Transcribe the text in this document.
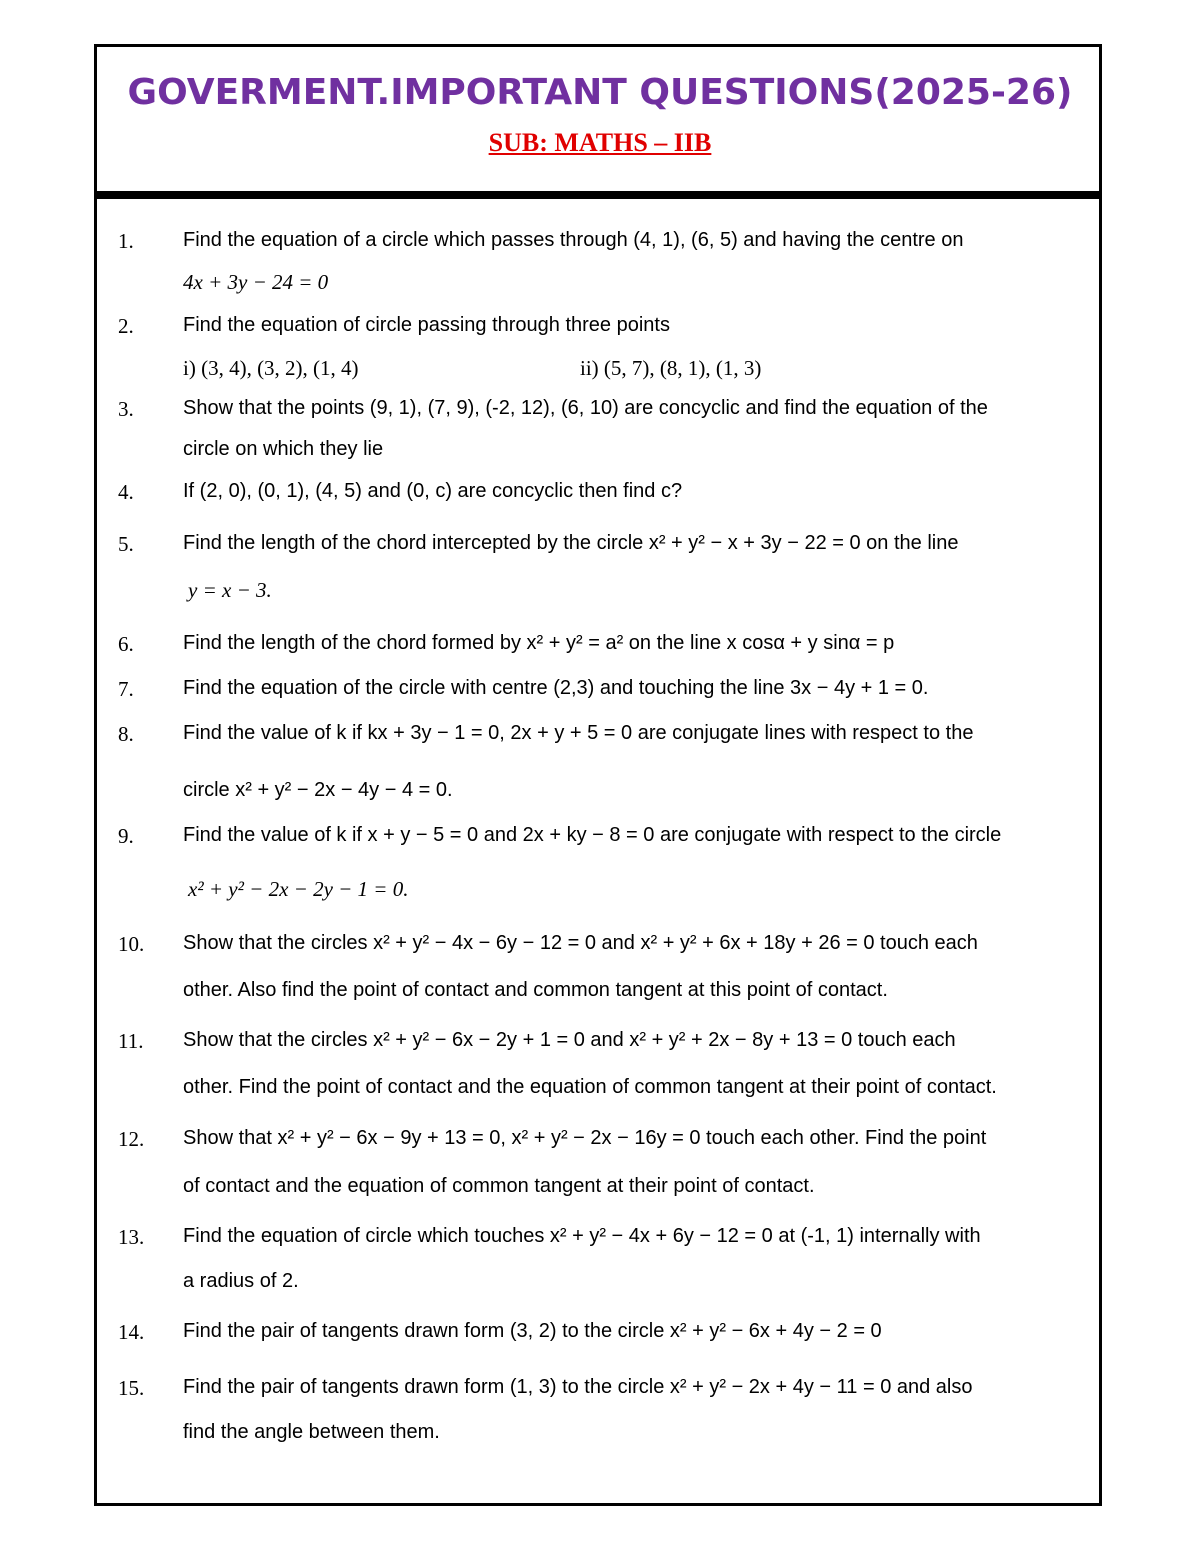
GOVERMENT.IMPORTANT QUESTIONS(2025-26)
SUB: MATHS – IIB
1. Find the equation of a circle which passes through (4, 1), (6, 5) and having the centre on
4x + 3y − 24 = 0
2. Find the equation of circle passing through three points
i) (3, 4), (3, 2), (1, 4)	ii) (5, 7), (8, 1), (1, 3)
3. Show that the points (9, 1), (7, 9), (-2, 12), (6, 10) are concyclic and find the equation of the
circle on which they lie
4. If (2, 0), (0, 1), (4, 5) and (0, c) are concyclic then find c?
5. Find the length of the chord intercepted by the circle x² + y² − x + 3y − 22 = 0 on the line
y = x − 3.
6. Find the length of the chord formed by x² + y² = a² on the line x cosα + y sinα = p
7. Find the equation of the circle with centre (2,3) and touching the line 3x − 4y + 1 = 0.
8. Find the value of k if kx + 3y − 1 = 0, 2x + y + 5 = 0 are conjugate lines with respect to the
circle x² + y² − 2x − 4y − 4 = 0.
9. Find the value of k if x + y − 5 = 0 and 2x + ky − 8 = 0 are conjugate with respect to the circle
x² + y² − 2x − 2y − 1 = 0.
10. Show that the circles x² + y² − 4x − 6y − 12 = 0 and x² + y² + 6x + 18y + 26 = 0 touch each
other. Also find the point of contact and common tangent at this point of contact.
11. Show that the circles x² + y² − 6x − 2y + 1 = 0 and x² + y² + 2x − 8y + 13 = 0 touch each
other. Find the point of contact and the equation of common tangent at their point of contact.
12. Show that x² + y² − 6x − 9y + 13 = 0, x² + y² − 2x − 16y = 0 touch each other. Find the point
of contact and the equation of common tangent at their point of contact.
13. Find the equation of circle which touches x² + y² − 4x + 6y − 12 = 0 at (-1, 1) internally with
a radius of 2.
14. Find the pair of tangents drawn form (3, 2) to the circle x² + y² − 6x + 4y − 2 = 0
15. Find the pair of tangents drawn form (1, 3) to the circle x² + y² − 2x + 4y − 11 = 0 and also
find the angle between them.
